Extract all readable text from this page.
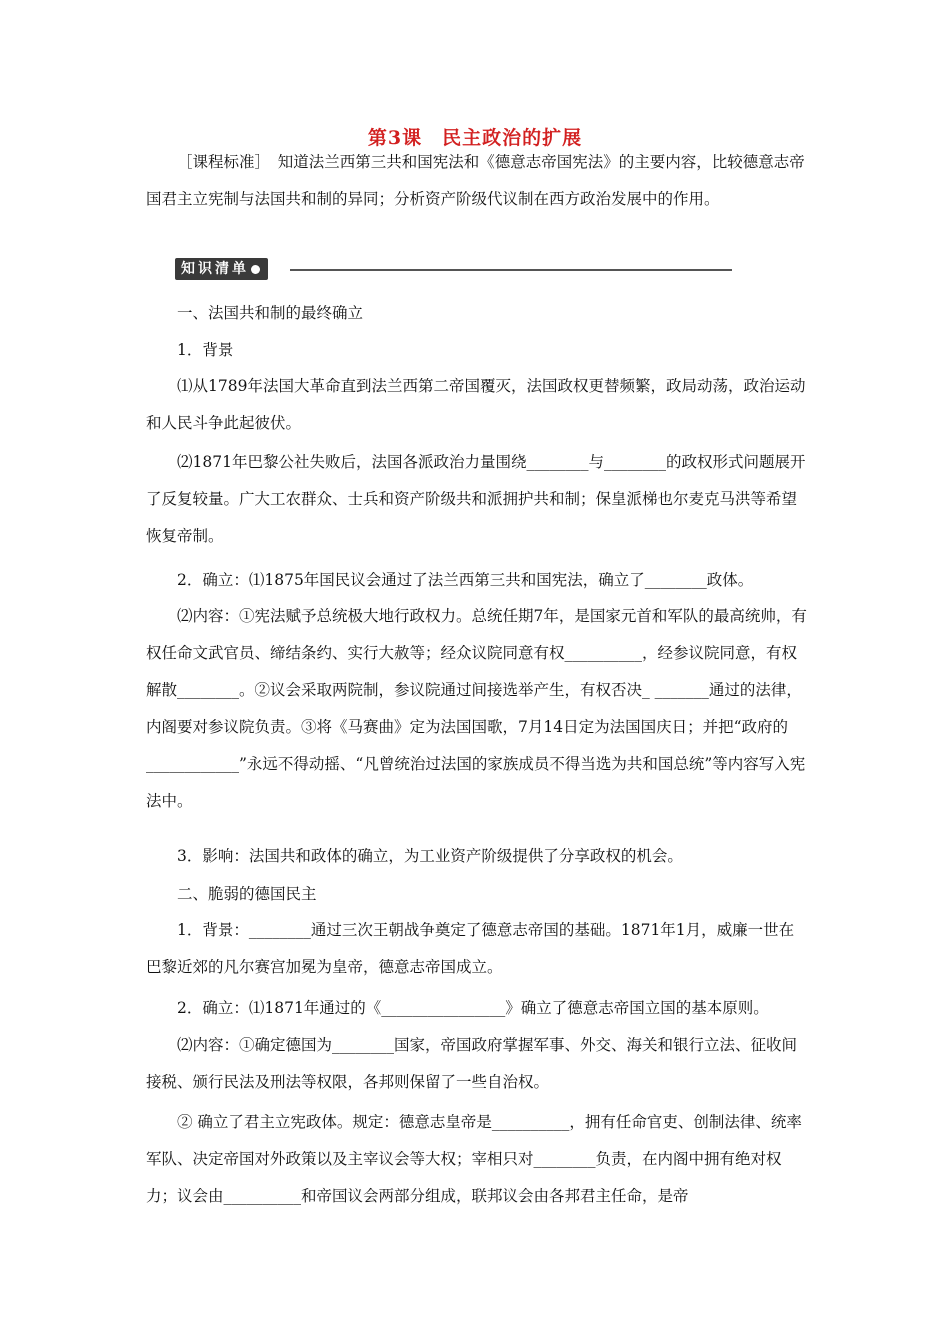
第3课　民主政治的扩展
［课程标准］　知道法兰西第三共和国宪法和《德意志帝国宪法》的主要内容，比较德意志帝国君主立宪制与法国共和制的异同；分析资产阶级代议制在西方政治发展中的作用。
知识清单
一、法国共和制的最终确立
1．背景
⑴从1789年法国大革命直到法兰西第二帝国覆灭，法国政权更替频繁，政局动荡，政治运动和人民斗争此起彼伏。
⑵1871年巴黎公社失败后，法国各派政治力量围绕________与________的政权形式问题展开了反复较量。广大工农群众、士兵和资产阶级共和派拥护共和制；保皇派梯也尔麦克马洪等希望恢复帝制。
2．确立：⑴1875年国民议会通过了法兰西第三共和国宪法，确立了________政体。
⑵内容：①宪法赋予总统极大地行政权力。总统任期7年，是国家元首和军队的最高统帅，有权任命文武官员、缔结条约、实行大赦等；经众议院同意有权__________，经参议院同意，有权解散________。②议会采取两院制，参议院通过间接选举产生，有权否决_ _______通过的法律，内阁要对参议院负责。③将《马赛曲》定为法国国歌，7月14日定为法国国庆日；并把“政府的____________”永远不得动摇、“凡曾统治过法国的家族成员不得当选为共和国总统”等内容写入宪法中。
3．影响：法国共和政体的确立，为工业资产阶级提供了分享政权的机会。
二、脆弱的德国民主
1．背景：________通过三次王朝战争奠定了德意志帝国的基础。1871年1月，威廉一世在巴黎近郊的凡尔赛宫加冕为皇帝，德意志帝国成立。
2．确立：⑴1871年通过的《________________》确立了德意志帝国立国的基本原则。
⑵内容：①确定德国为________国家，帝国政府掌握军事、外交、海关和银行立法、征收间接税、颁行民法及刑法等权限，各邦则保留了一些自治权。
② 确立了君主立宪政体。规定：德意志皇帝是__________，拥有任命官吏、创制法律、统率军队、决定帝国对外政策以及主宰议会等大权；宰相只对________负责，在内阁中拥有绝对权力；议会由__________和帝国议会两部分组成，联邦议会由各邦君主任命，是帝
